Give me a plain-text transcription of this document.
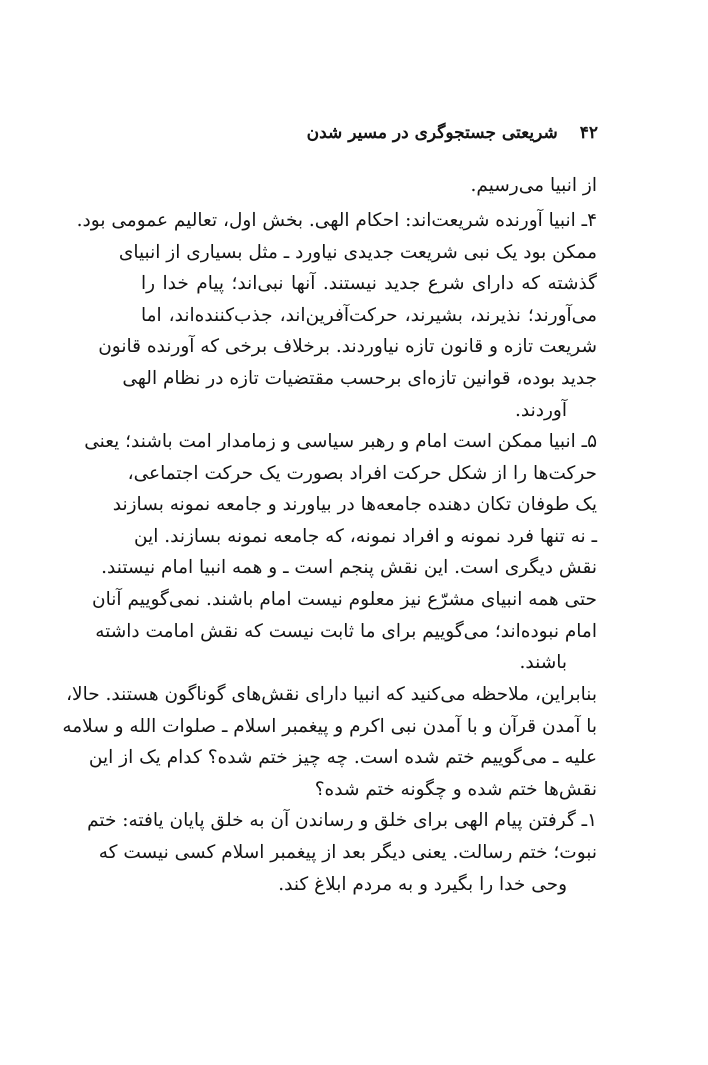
۴۲
شریعتی جستجوگری در مسیر شدن
از انبیا می‌رسیم.
۴ـ انبیا آورنده شریعت‌اند: احکام الهی. بخش اول، تعالیم عمومی بود.
ممکن بود یک نبی شریعت جدیدی نیاورد ـ مثل بسیاری از انبیای
گذشته که دارای شرع جدید نیستند. آنها نبی‌اند؛ پیام خدا را
می‌آورند؛ نذیرند، بشیرند، حرکت‌آفرین‌اند، جذب‌کننده‌اند، اما
شریعت تازه و قانون تازه نیاوردند. برخلاف برخی که آورنده قانون
جدید بوده، قوانین تازه‌ای برحسب مقتضیات تازه در نظام الهی
آوردند.
۵ـ انبیا ممکن است امام و رهبر سیاسی و زمامدار امت باشند؛ یعنی
حرکت‌ها را از شکل حرکت افراد بصورت یک حرکت اجتماعی،
یک طوفان تکان دهنده جامعه‌ها در بیاورند و جامعه نمونه بسازند
ـ نه تنها فرد نمونه و افراد نمونه، که جامعه نمونه بسازند. این
نقش دیگری است. این نقش پنجم است ـ و همه انبیا امام نیستند.
حتی همه انبیای مشرّع نیز معلوم نیست امام باشند. نمی‌گوییم آنان
امام نبوده‌اند؛ می‌گوییم برای ما ثابت نیست که نقش امامت داشته
باشند.
بنابراین، ملاحظه می‌کنید که انبیا دارای نقش‌های گوناگون هستند. حالا،
با آمدن قرآن و با آمدن نبی اکرم و پیغمبر اسلام ـ صلوات الله و سلامه
علیه ـ می‌گوییم ختم شده است. چه چیز ختم شده؟ کدام یک از این
نقش‌ها ختم شده و چگونه ختم شده؟
۱ـ گرفتن پیام الهی برای خلق و رساندن آن به خلق پایان یافته: ختم
نبوت؛ ختم رسالت. یعنی دیگر بعد از پیغمبر اسلام کسی نیست که
وحی خدا را بگیرد و به مردم ابلاغ کند.
